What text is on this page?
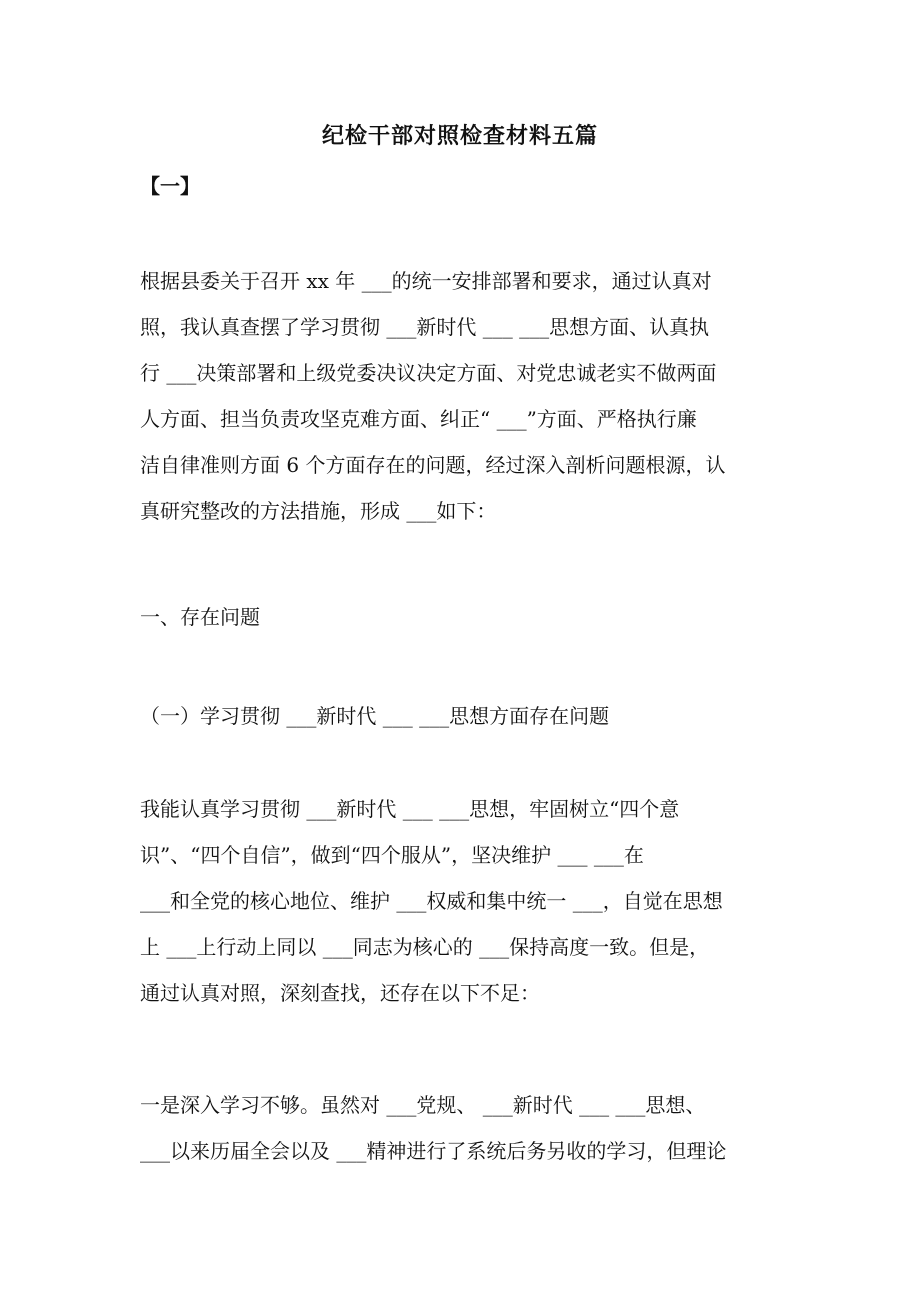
纪检干部对照检查材料五篇
【一】
根据县委关于召开 xx 年 ___的统一安排部署和要求，通过认真对
照，我认真查摆了学习贯彻 ___新时代 ___ ___思想方面、认真执
行 ___决策部署和上级党委决议决定方面、对党忠诚老实不做两面
人方面、担当负责攻坚克难方面、纠正“ ___”方面、严格执行廉
洁自律准则方面 6 个方面存在的问题，经过深入剖析问题根源，认
真研究整改的方法措施，形成 ___如下：
一、存在问题
（一）学习贯彻 ___新时代 ___ ___思想方面存在问题
我能认真学习贯彻 ___新时代 ___ ___思想，牢固树立“四个意
识”、“四个自信”，做到“四个服从”，坚决维护 ___ ___在
___和全党的核心地位、维护 ___权威和集中统一 ___，自觉在思想
上 ___上行动上同以 ___同志为核心的 ___保持高度一致。但是，
通过认真对照，深刻查找，还存在以下不足：
一是深入学习不够。虽然对 ___党规、 ___新时代 ___ ___思想、
___以来历届全会以及 ___精神进行了系统后务另收的学习，但理论
